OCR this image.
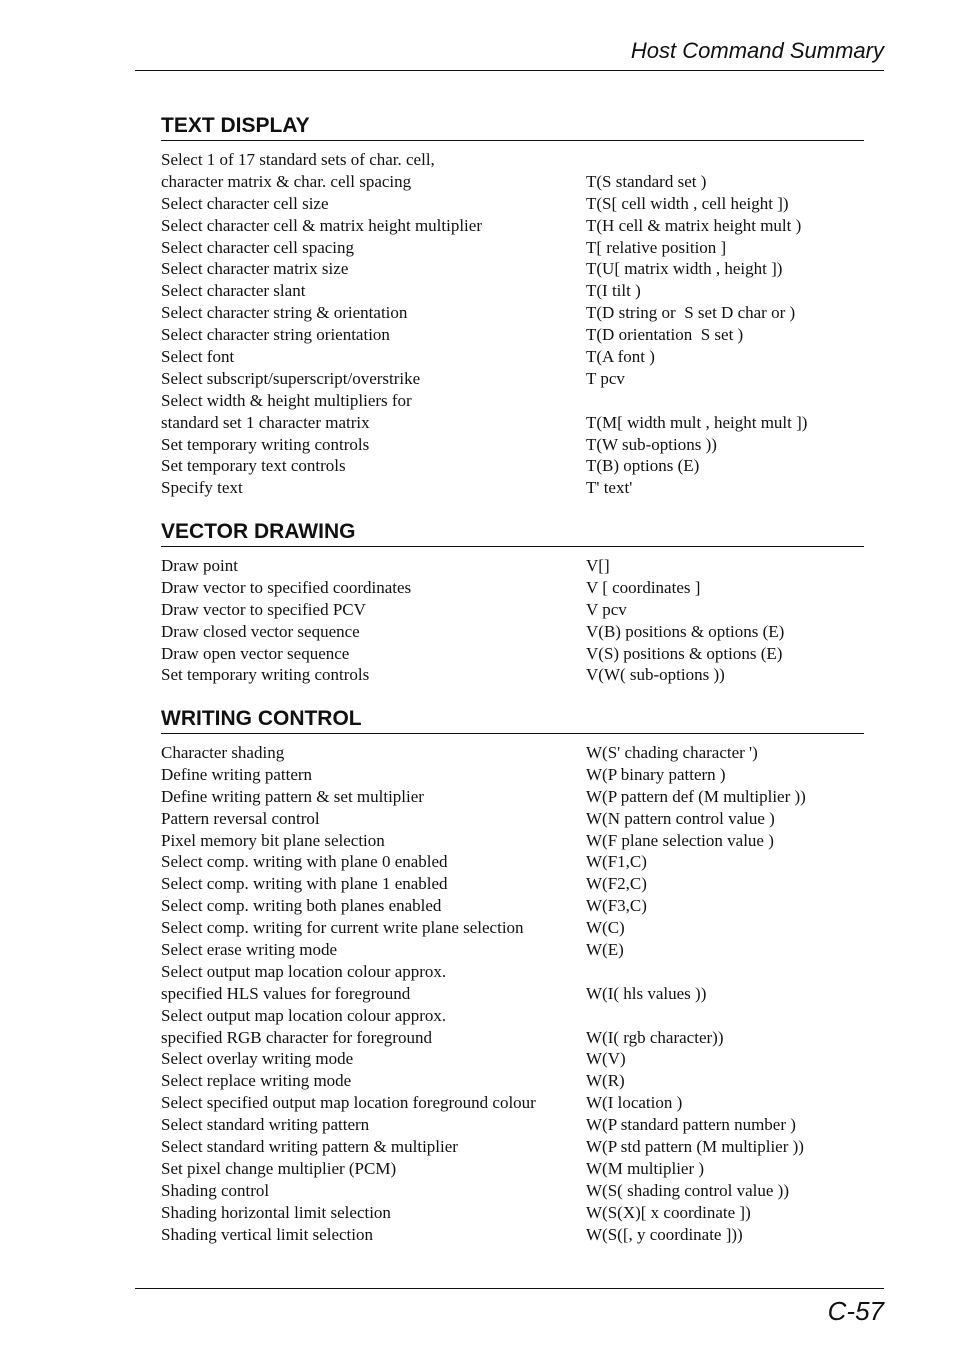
Host Command Summary
TEXT DISPLAY
Select 1 of 17 standard sets of char. cell,
character matrix & char. cell spacing	T(S standard set )
Select character cell size	T(S[ cell width , cell height ])
Select character cell & matrix height multiplier	T(H cell & matrix height mult )
Select character cell spacing	T[ relative position ]
Select character matrix size	T(U[ matrix width , height ])
Select character slant	T(I tilt )
Select character string & orientation	T(D string or  S set D char or )
Select character string orientation	T(D orientation  S set )
Select font	T(A font )
Select subscript/superscript/overstrike	T pcv
Select width & height multipliers for
standard set 1 character matrix	T(M[ width mult , height mult ])
Set temporary writing controls	T(W sub-options ))
Set temporary text controls	T(B) options (E)
Specify text	T' text'
VECTOR DRAWING
Draw point	V[]
Draw vector to specified coordinates	V [ coordinates ]
Draw vector to specified PCV	V pcv
Draw closed vector sequence	V(B) positions & options (E)
Draw open vector sequence	V(S) positions & options (E)
Set temporary writing controls	V(W( sub-options ))
WRITING CONTROL
Character shading	W(S' chading character ')
Define writing pattern	W(P binary pattern )
Define writing pattern & set multiplier	W(P pattern def (M multiplier ))
Pattern reversal control	W(N pattern control value )
Pixel memory bit plane selection	W(F plane selection value )
Select comp. writing with plane 0 enabled	W(F1,C)
Select comp. writing with plane 1 enabled	W(F2,C)
Select comp. writing both planes enabled	W(F3,C)
Select comp. writing for current write plane selection	W(C)
Select erase writing mode	W(E)
Select output map location colour approx.
specified HLS values for foreground	W(I( hls values ))
Select output map location colour approx.
specified RGB character for foreground	W(I( rgb character))
Select overlay writing mode	W(V)
Select replace writing mode	W(R)
Select specified output map location foreground colour	W(I location )
Select standard writing pattern	W(P standard pattern number )
Select standard writing pattern & multiplier	W(P std pattern (M multiplier ))
Set pixel change multiplier (PCM)	W(M multiplier )
Shading control	W(S( shading control value ))
Shading horizontal limit selection	W(S(X)[ x coordinate ])
Shading vertical limit selection	W(S([, y coordinate ]))
C-57
